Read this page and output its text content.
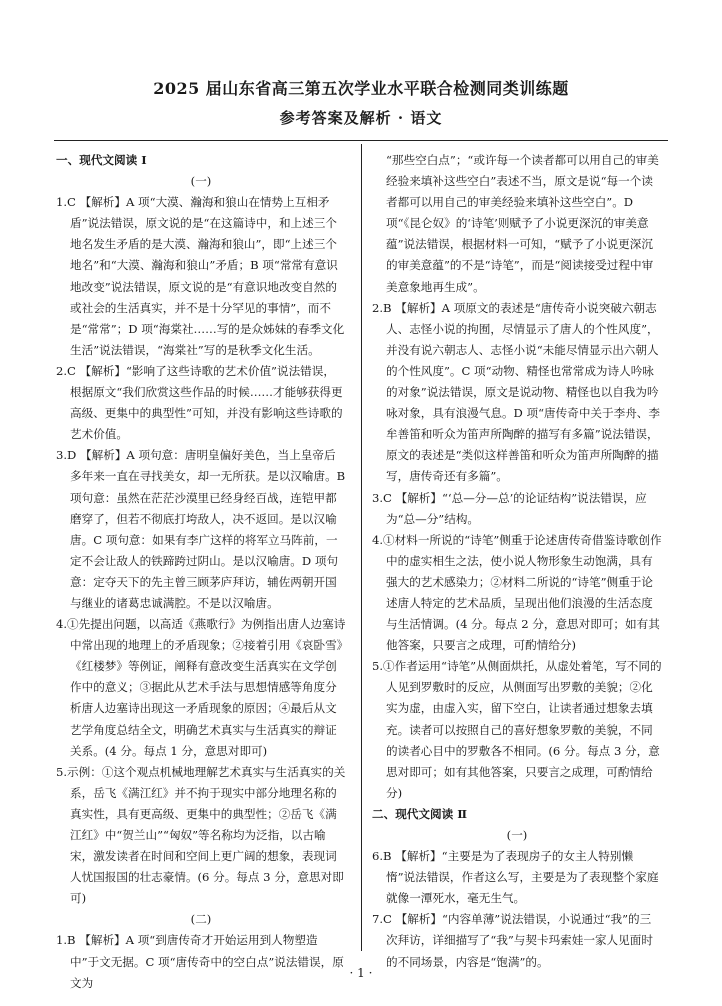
2025 届山东省高三第五次学业水平联合检测同类训练题
参考答案及解析 · 语文
一、现代文阅读 Ⅰ
(一)
1.C 【解析】A 项“大漠、瀚海和狼山在情势上互相矛盾”说法错误，原文说的是“在这篇诗中，和上述三个地名发生矛盾的是大漠、瀚海和狼山”，即“上述三个地名”和“大漠、瀚海和狼山”矛盾；B 项“常常有意识地改变”说法错误，原文说的是“有意识地改变自然的或社会的生活真实，并不是十分罕见的事情”，而不是“常常”；D 项“海棠社……写的是众姊妹的春季文化生活”说法错误，“海棠社”写的是秋季文化生活。
2.C 【解析】“影响了这些诗歌的艺术价值”说法错误，根据原文“我们欣赏这些作品的时候……才能够获得更高级、更集中的典型性”可知，并没有影响这些诗歌的艺术价值。
3.D 【解析】A 项句意：唐明皇偏好美色，当上皇帝后多年来一直在寻找美女，却一无所获。是以汉喻唐。B 项句意：虽然在茫茫沙漠里已经身经百战，连铠甲都磨穿了，但若不彻底打垮敌人，决不返回。是以汉喻唐。C 项句意：如果有李广这样的将军立马阵前，一定不会让敌人的铁蹄跨过阴山。是以汉喻唐。D 项句意：定夺天下的先主曾三顾茅庐拜访，辅佐两朝开国与继业的诸葛忠诚满腔。不是以汉喻唐。
4.①先提出问题，以高适《燕歌行》为例指出唐人边塞诗中常出现的地理上的矛盾现象；②接着引用《哀卧雪》《红楼梦》等例证，阐释有意改变生活真实在文学创作中的意义；③据此从艺术手法与思想情感等角度分析唐人边塞诗出现这一矛盾现象的原因；④最后从文艺学角度总结全文，明确艺术真实与生活真实的辩证关系。(4 分。每点 1 分，意思对即可)
5.示例：①这个观点机械地理解艺术真实与生活真实的关系，岳飞《满江红》并不拘于现实中部分地理名称的真实性，具有更高级、更集中的典型性；②岳飞《满江红》中“贺兰山”“匈奴”等名称均为泛指，以古喻宋，激发读者在时间和空间上更广阔的想象，表现词人忧国报国的壮志豪情。(6 分。每点 3 分，意思对即可)
(二)
1.B 【解析】A 项“到唐传奇才开始运用到人物塑造中”于文无据。C 项“唐传奇中的空白点”说法错误，原文为
“那些空白点”；“或许每一个读者都可以用自己的审美经验来填补这些空白”表述不当，原文是说“每一个读者都可以用自己的审美经验来填补这些空白”。D 项“《昆仑奴》的‘诗笔’则赋予了小说更深沉的审美意蕴”说法错误，根据材料一可知，“赋予了小说更深沉的审美意蕴”的不是“诗笔”，而是“阅读接受过程中审美意象地再生成”。
2.B 【解析】A 项原文的表述是“唐传奇小说突破六朝志人、志怪小说的拘囿，尽情显示了唐人的个性风度”，并没有说六朝志人、志怪小说“未能尽情显示出六朝人的个性风度”。C 项“动物、精怪也常常成为诗人吟咏的对象”说法错误，原文是说动物、精怪也以自我为吟咏对象，具有浪漫气息。D 项“唐传奇中关于李舟、李牟善笛和听众为笛声所陶醉的描写有多篇”说法错误，原文的表述是“类似这样善笛和听众为笛声所陶醉的描写，唐传奇还有多篇”。
3.C 【解析】“‘总—分—总’的论证结构”说法错误，应为“总—分”结构。
4.①材料一所说的“诗笔”侧重于论述唐传奇借鉴诗歌创作中的虚实相生之法，使小说人物形象生动饱满，具有强大的艺术感染力；②材料二所说的“诗笔”侧重于论述唐人特定的艺术品质，呈现出他们浪漫的生活态度与生活情调。(4 分。每点 2 分，意思对即可；如有其他答案，只要言之成理，可酌情给分)
5.①作者运用“诗笔”从侧面烘托，从虚处着笔，写不同的人见到罗敷时的反应，从侧面写出罗敷的美貌；②化实为虚，由虚入实，留下空白，让读者通过想象去填充。读者可以按照自己的喜好想象罗敷的美貌，不同的读者心目中的罗敷各不相同。(6 分。每点 3 分，意思对即可；如有其他答案，只要言之成理，可酌情给分)
二、现代文阅读 Ⅱ
(一)
6.B 【解析】“主要是为了表现房子的女主人特别懒惰”说法错误，作者这么写，主要是为了表现整个家庭就像一潭死水，毫无生气。
7.C 【解析】“内容单薄”说法错误，小说通过“我”的三次拜访，详细描写了“我”与契卡玛索娃一家人见面时的不同场景，内容是“饱满”的。
· 1 ·
